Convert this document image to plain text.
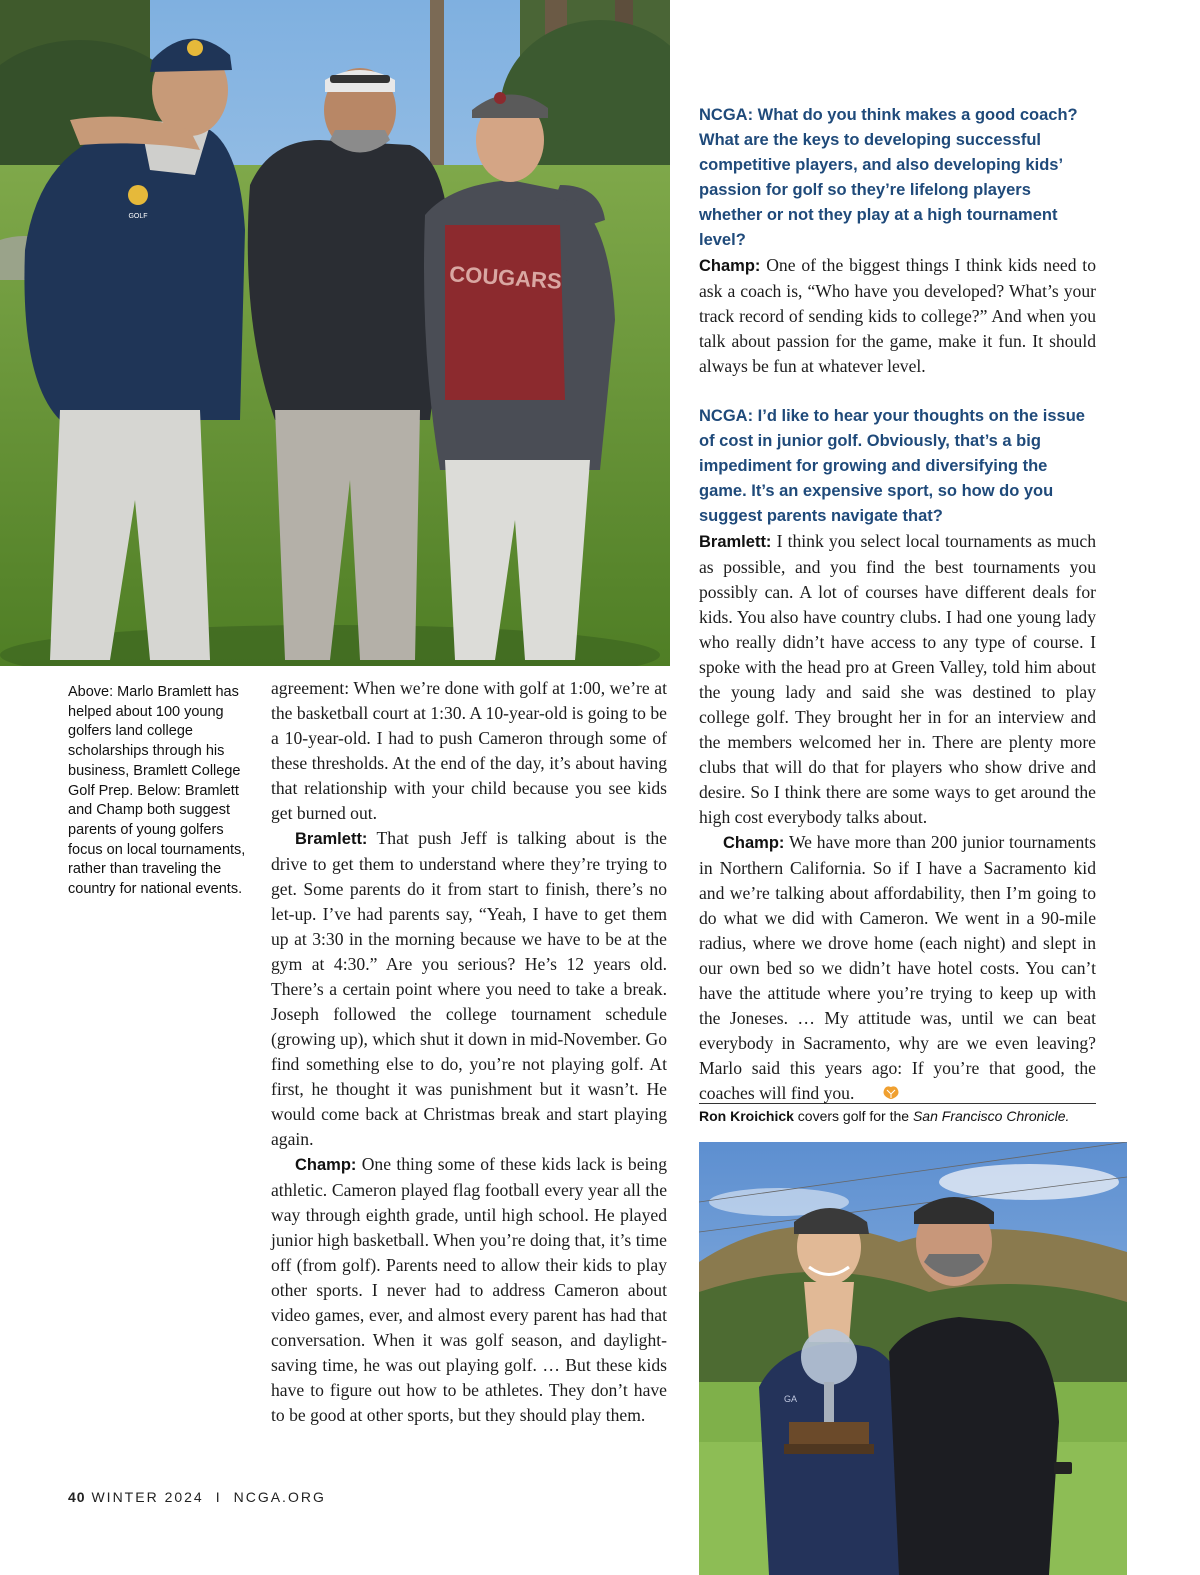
GOLF
COUGARS
Above: Marlo Bramlett has helped about 100 young golfers land college scholarships through his business, Bramlett College Golf Prep. Below: Bramlett and Champ both suggest parents of young golfers focus on local tournaments, rather than traveling the country for national events.

agreement: When we’re done with golf at 1:00, we’re at the basketball court at 1:30. A 10-year-old is going to be a 10-year-old. I had to push Cameron through some of these thresholds. At the end of the day, it’s about having that relationship with your child because you see kids get burned out.

Bramlett: That push Jeff is talking about is the drive to get them to understand where they’re trying to get. Some parents do it from start to finish, there’s no let-up. I’ve had parents say, “Yeah, I have to get them up at 3:30 in the morning because we have to be at the gym at 4:30.” Are you serious? He’s 12 years old. There’s a certain point where you need to take a break. Joseph followed the college tournament schedule (growing up), which shut it down in mid-November. Go find something else to do, you’re not playing golf. At first, he thought it was punishment but it wasn’t. He would come back at Christmas break and start playing again.

Champ: One thing some of these kids lack is being athletic. Cameron played flag football every year all the way through eighth grade, until high school. He played junior high basketball. When you’re doing that, it’s time off (from golf). Parents need to allow their kids to play other sports. I never had to address Cameron about video games, ever, and almost every parent has had that conversation. When it was golf season, and daylight-saving time, he was out playing golf. … But these kids have to figure out how to be athletes. They don’t have to be good at other sports, but they should play them.

NCGA: What do you think makes a good coach? What are the keys to developing successful competitive players, and also developing kids’ passion for golf so they’re lifelong players whether or not they play at a high tournament level?

Champ: One of the biggest things I think kids need to ask a coach is, “Who have you developed? What’s your track record of sending kids to college?” And when you talk about passion for the game, make it fun. It should always be fun at whatever level.

NCGA: I’d like to hear your thoughts on the issue of cost in junior golf. Obviously, that’s a big impediment for growing and diversifying the game. It’s an expensive sport, so how do you suggest parents navigate that?

Bramlett: I think you select local tournaments as much as possible, and you find the best tournaments you possibly can. A lot of courses have different deals for kids. You also have country clubs. I had one young lady who really didn’t have access to any type of course. I spoke with the head pro at Green Valley, told him about the young lady and said she was destined to play college golf. They brought her in for an interview and the members welcomed her in. There are plenty more clubs that will do that for players who show drive and desire. So I think there are some ways to get around the high cost everybody talks about.

Champ: We have more than 200 junior tournaments in Northern California. So if I have a Sacramento kid and we’re talking about affordability, then I’m going to do what we did with Cameron. We went in a 90-mile radius, where we drove home (each night) and slept in our own bed so we didn’t have hotel costs. You can’t have the attitude where you’re trying to keep up with the Joneses. … My attitude was, until we can beat everybody in Sacramento, why are we even leaving? Marlo said this years ago: If you’re that good, the coaches will find you.

Ron Kroichick covers golf for the San Francisco Chronicle.
GA
40 WINTER 2024 I NCGA.ORG
